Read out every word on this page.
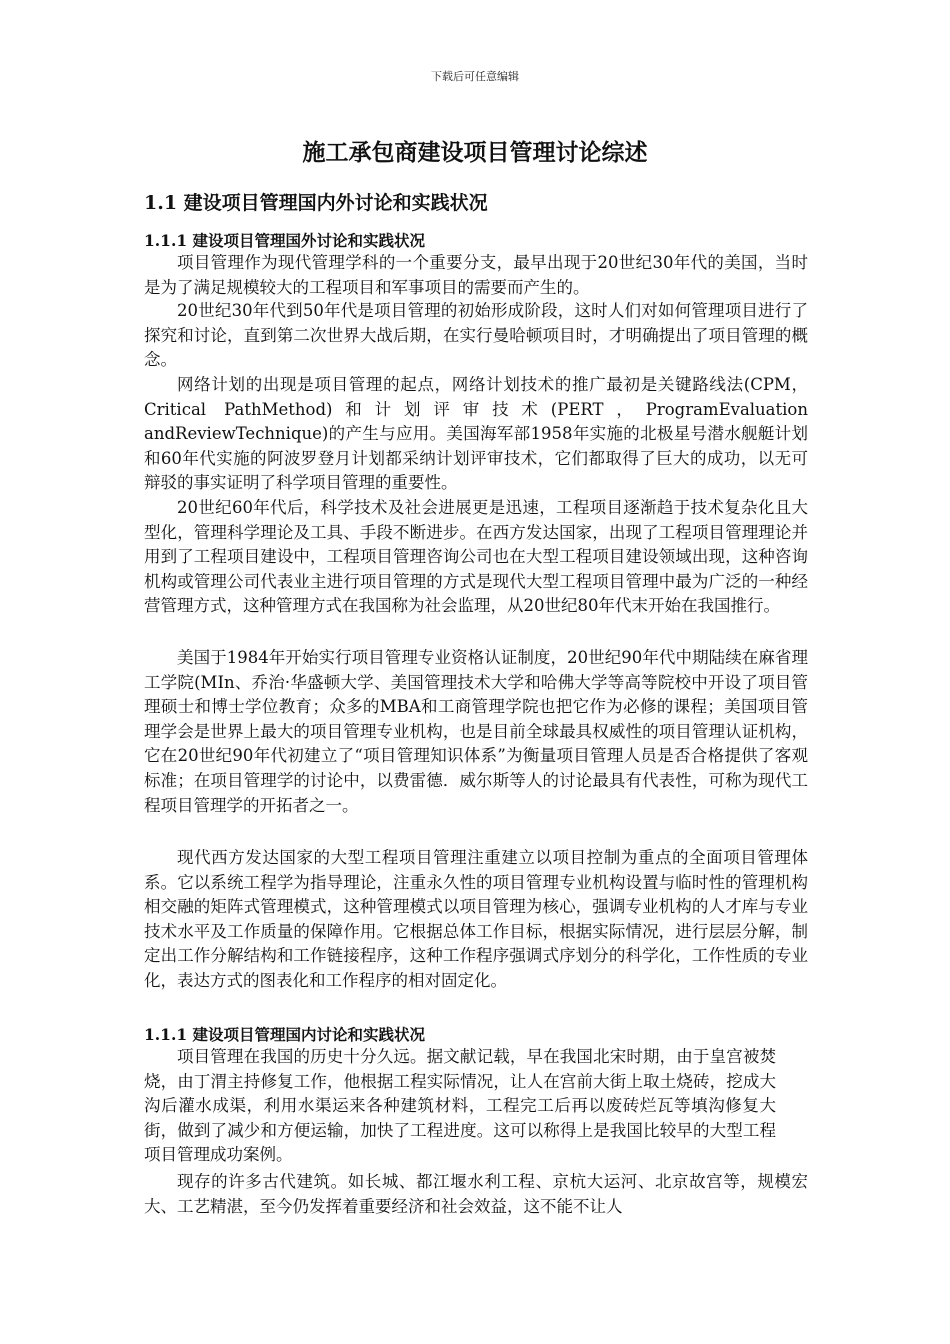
下载后可任意编辑
施工承包商建设项目管理讨论综述
1.1 建设项目管理国内外讨论和实践状况
1.1.1 建设项目管理国外讨论和实践状况

项目管理作为现代管理学科的一个重要分支，最早出现于20世纪30年代的美国，当时是为了满足规模较大的工程项目和军事项目的需要而产生的。

20世纪30年代到50年代是项目管理的初始形成阶段，这时人们对如何管理项目进行了探究和讨论，直到第二次世界大战后期，在实行曼哈顿项目时，才明确提出了项目管理的概念。

网络计划的出现是项目管理的起点，网络计划技术的推广最初是关键路线法(CPM，Critical PathMethod)和计划评审技术(PERT，ProgramEvaluation andReviewTechnique)的产生与应用。美国海军部1958年实施的北极星号潜水舰艇计划和60年代实施的阿波罗登月计划都采纳计划评审技术，它们都取得了巨大的成功，以无可辩驳的事实证明了科学项目管理的重要性。

20世纪60年代后，科学技术及社会进展更是迅速，工程项目逐渐趋于技术复杂化且大型化，管理科学理论及工具、手段不断进步。在西方发达国家，出现了工程项目管理理论并用到了工程项目建设中，工程项目管理咨询公司也在大型工程项目建设领域出现，这种咨询机构或管理公司代表业主进行项目管理的方式是现代大型工程项目管理中最为广泛的一种经营管理方式，这种管理方式在我国称为社会监理，从20世纪80年代末开始在我国推行。

美国于1984年开始实行项目管理专业资格认证制度，20世纪90年代中期陆续在麻省理工学院(MIn、乔治·华盛顿大学、美国管理技术大学和哈佛大学等高等院校中开设了项目管理硕士和博士学位教育；众多的MBA和工商管理学院也把它作为必修的课程；美国项目管理学会是世界上最大的项目管理专业机构，也是目前全球最具权威性的项目管理认证机构，它在20世纪90年代初建立了“项目管理知识体系”为衡量项目管理人员是否合格提供了客观标准；在项目管理学的讨论中，以费雷德．威尔斯等人的讨论最具有代表性，可称为现代工程项目管理学的开拓者之一。

现代西方发达国家的大型工程项目管理注重建立以项目控制为重点的全面项目管理体系。它以系统工程学为指导理论，注重永久性的项目管理专业机构设置与临时性的管理机构相交融的矩阵式管理模式，这种管理模式以项目管理为核心，强调专业机构的人才库与专业技术水平及工作质量的保障作用。它根据总体工作目标，根据实际情况，进行层层分解，制定出工作分解结构和工作链接程序，这种工作程序强调式序划分的科学化，工作性质的专业化，表达方式的图表化和工作程序的相对固定化。

1.1.1 建设项目管理国内讨论和实践状况

项目管理在我国的历史十分久远。据文献记载，早在我国北宋时期，由于皇宫被焚烧，由丁渭主持修复工作，他根据工程实际情况，让人在宫前大街上取土烧砖，挖成大沟后灌水成渠，利用水渠运来各种建筑材料，工程完工后再以废砖烂瓦等填沟修复大街，做到了减少和方便运输，加快了工程进度。这可以称得上是我国比较早的大型工程项目管理成功案例。

现存的许多古代建筑。如长城、都江堰水利工程、京杭大运河、北京故宫等，规模宏大、工艺精湛，至今仍发挥着重要经济和社会效益，这不能不让人
